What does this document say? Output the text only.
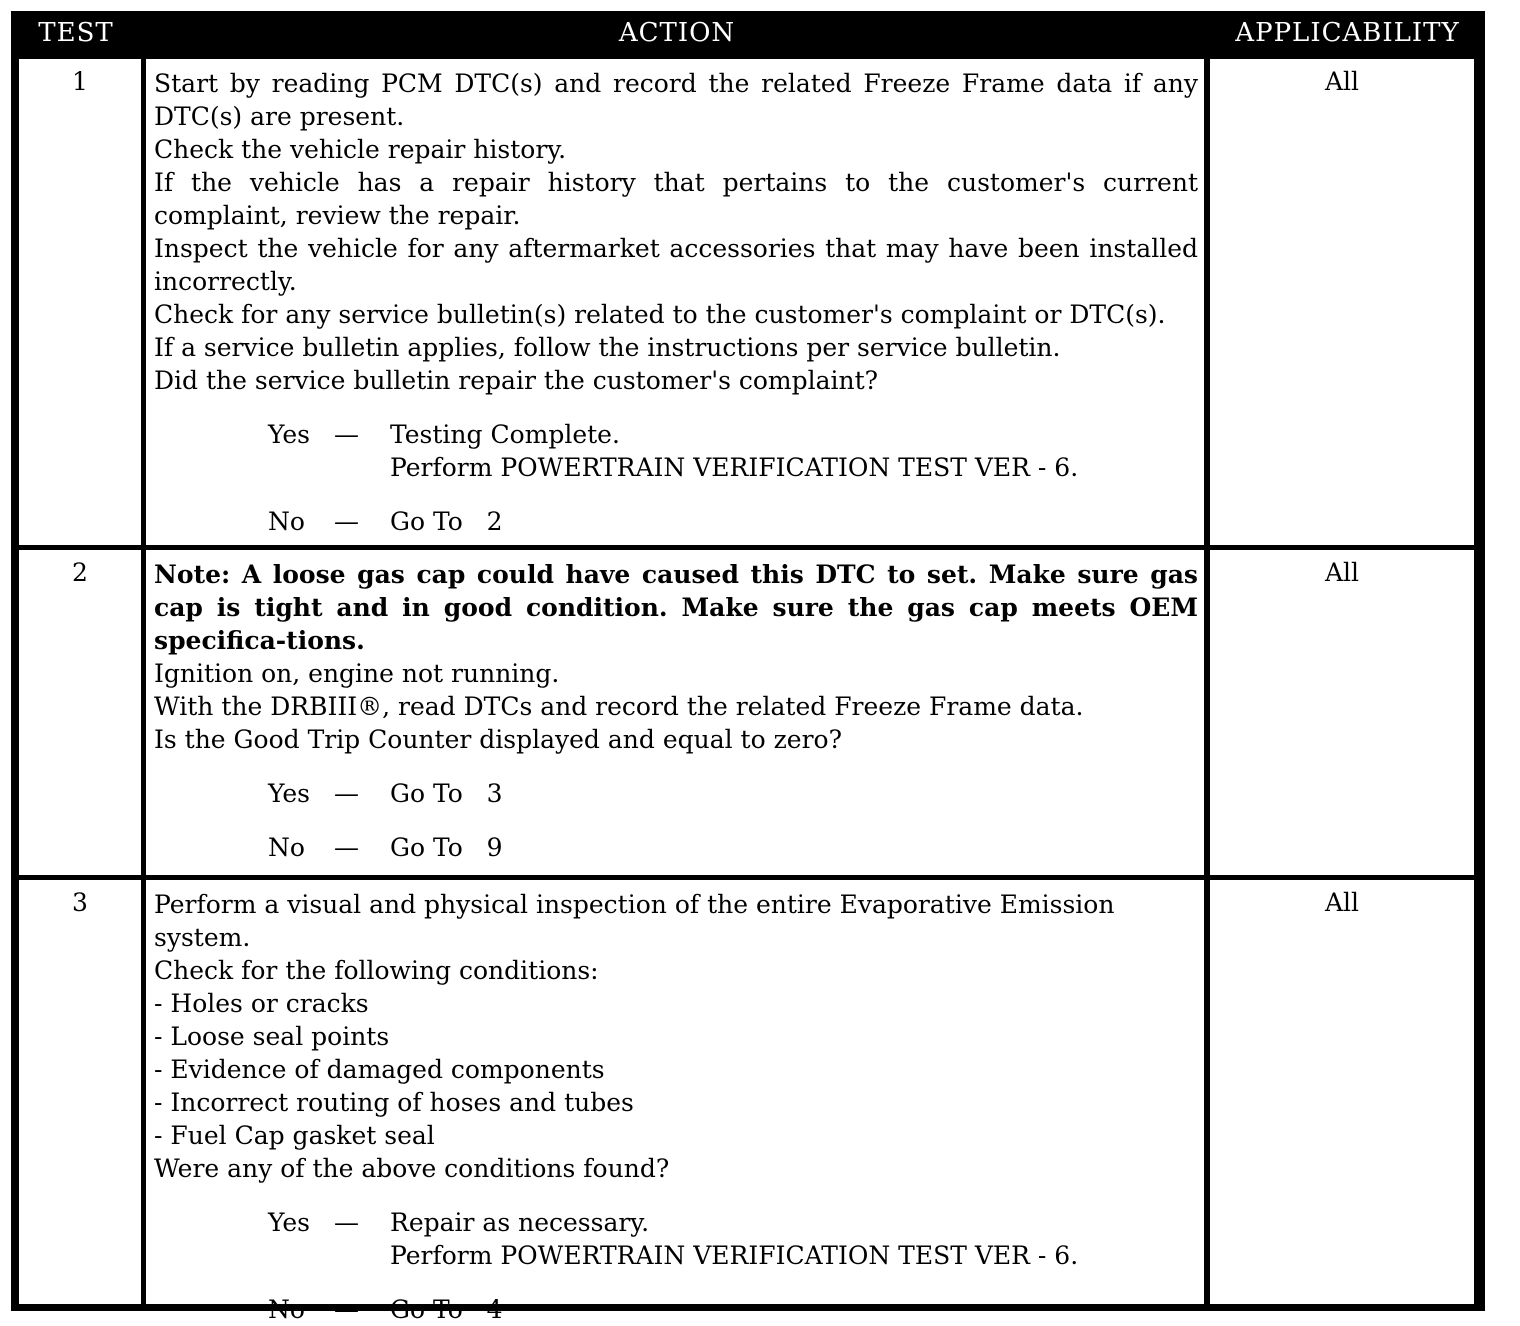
TEST	ACTION	APPLICABILITY
1	Start by reading PCM DTC(s) and record the related Freeze Frame data if any DTC(s) are present.

Check the vehicle repair history.

If the vehicle has a repair history that pertains to the customer's current complaint, review the repair.

Inspect the vehicle for any aftermarket accessories that may have been installed incorrectly.

Check for any service bulletin(s) related to the customer's complaint or DTC(s).

If a service bulletin applies, follow the instructions per service bulletin.

Did the service bulletin repair the customer's complaint?

Yes —	Testing Complete.
Perform POWERTRAIN VERIFICATION TEST VER - 6.
No	—	Go To   2
All
2	Note: A loose gas cap could have caused this DTC to set. Make sure gas cap is tight and in good condition. Make sure the gas cap meets OEM specifica-tions.

Ignition on, engine not running.

With the DRBIII®, read DTCs and record the related Freeze Frame data.

Is the Good Trip Counter displayed and equal to zero?

Yes —	Go To   3
No	—	Go To   9
All
3	Perform a visual and physical inspection of the entire Evaporative Emission system.

Check for the following conditions:

- Holes or cracks

- Loose seal points

- Evidence of damaged components

- Incorrect routing of hoses and tubes

- Fuel Cap gasket seal

Were any of the above conditions found?

Yes —	Repair as necessary.
Perform POWERTRAIN VERIFICATION TEST VER - 6.
No	—	Go To   4
All
